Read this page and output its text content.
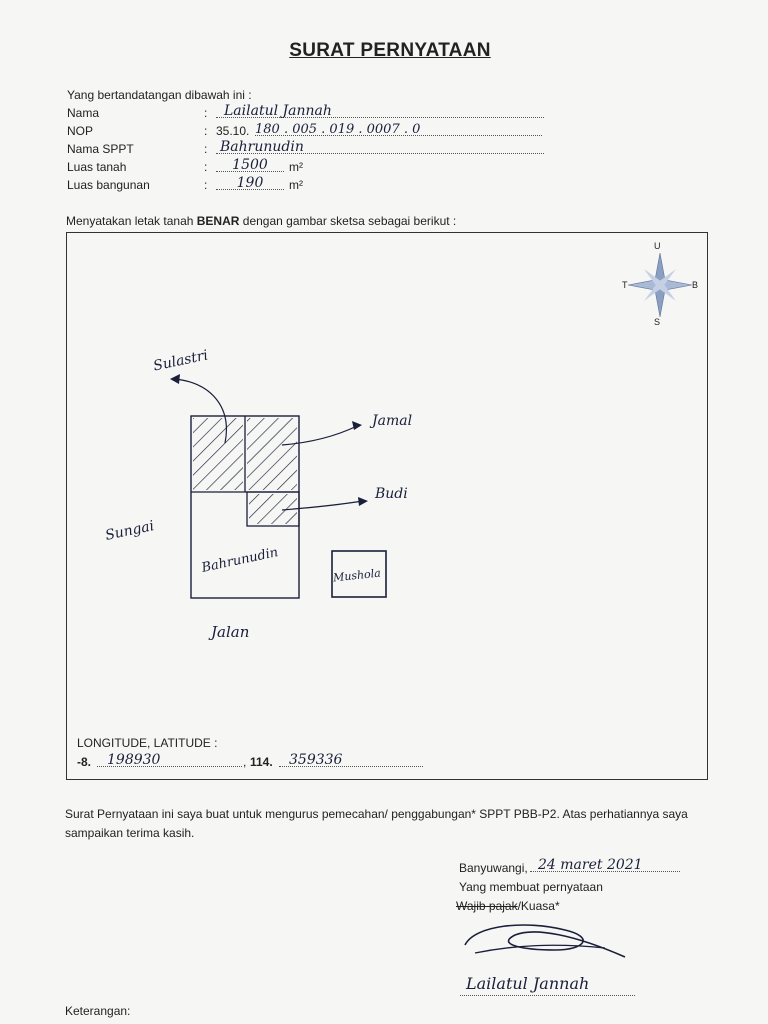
SURAT PERNYATAAN
Yang bertandatangan dibawah ini :
Nama	:	Lailatul Jannah
NOP	: 35.10. 180 . 005 . 019 . 0007 . 0
Nama SPPT	: Bahrunudin
Luas tanah	:	1500	m²
Luas bangunan	:	190	m²
Menyatakan letak tanah BENAR dengan gambar sketsa sebagai berikut :
U
S
T	B
Sulastri
Jamal
Budi
Sungai
Bahrunudin	Mushola
Jalan
LONGITUDE, LATITUDE :
-8.	198930	, 114.	359336
Surat Pernyataan ini saya buat untuk mengurus pemecahan/ penggabungan* SPPT PBB-P2. Atas perhatiannya saya sampaikan terima kasih.
Banyuwangi, 24 maret 2021
Yang membuat pernyataan
Wajib pajak/Kuasa*
Lailatul Jannah
Keterangan:
